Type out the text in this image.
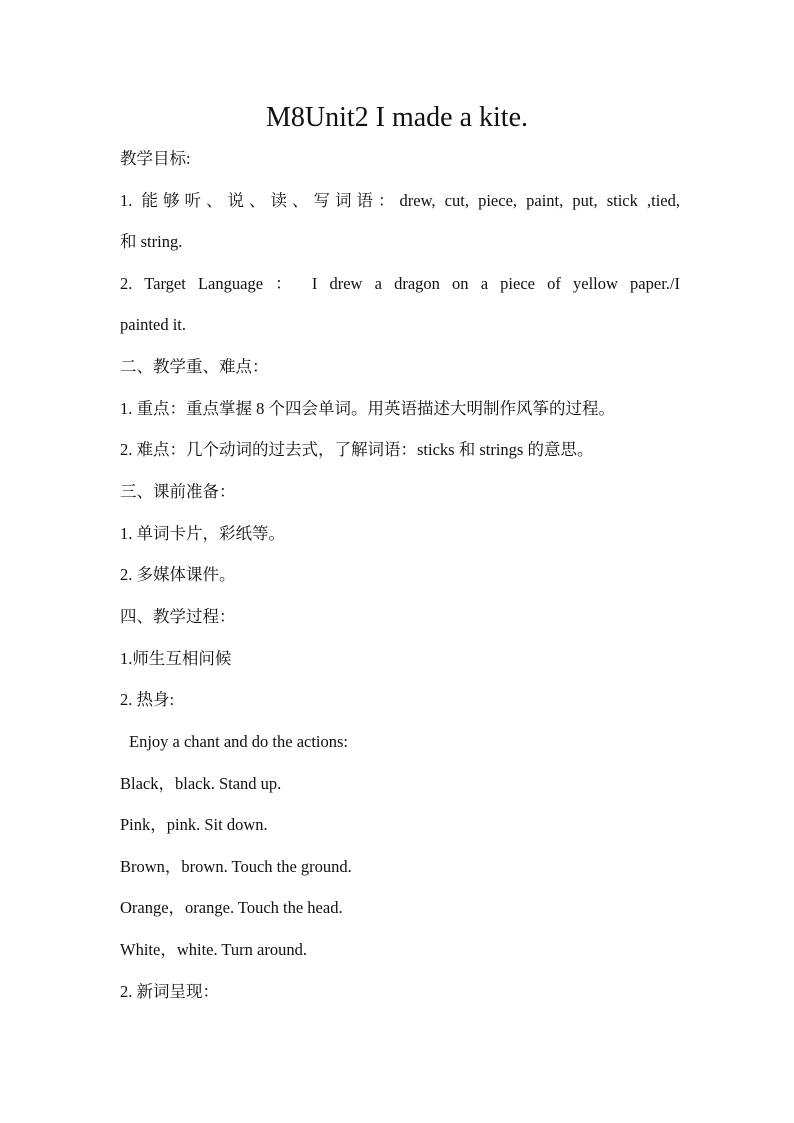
M8Unit2 I made a kite.
教学目标:
1. 能够听、说、读、写词语：drew, cut, piece, paint, put, stick ,tied,
和 string.
2. Target Language ： I drew a dragon on a piece of yellow paper./I
painted it.
二、教学重、难点：
1. 重点：重点掌握 8 个四会单词。用英语描述大明制作风筝的过程。
2. 难点：几个动词的过去式，了解词语：sticks 和 strings 的意思。
三、课前准备：
1. 单词卡片，彩纸等。
2. 多媒体课件。
四、教学过程：
1.师生互相问候
2. 热身:
Enjoy a chant and do the actions:
Black，black. Stand up.
Pink，pink. Sit down.
Brown，brown. Touch the ground.
Orange，orange. Touch the head.
White，white. Turn around.
2. 新词呈现：
